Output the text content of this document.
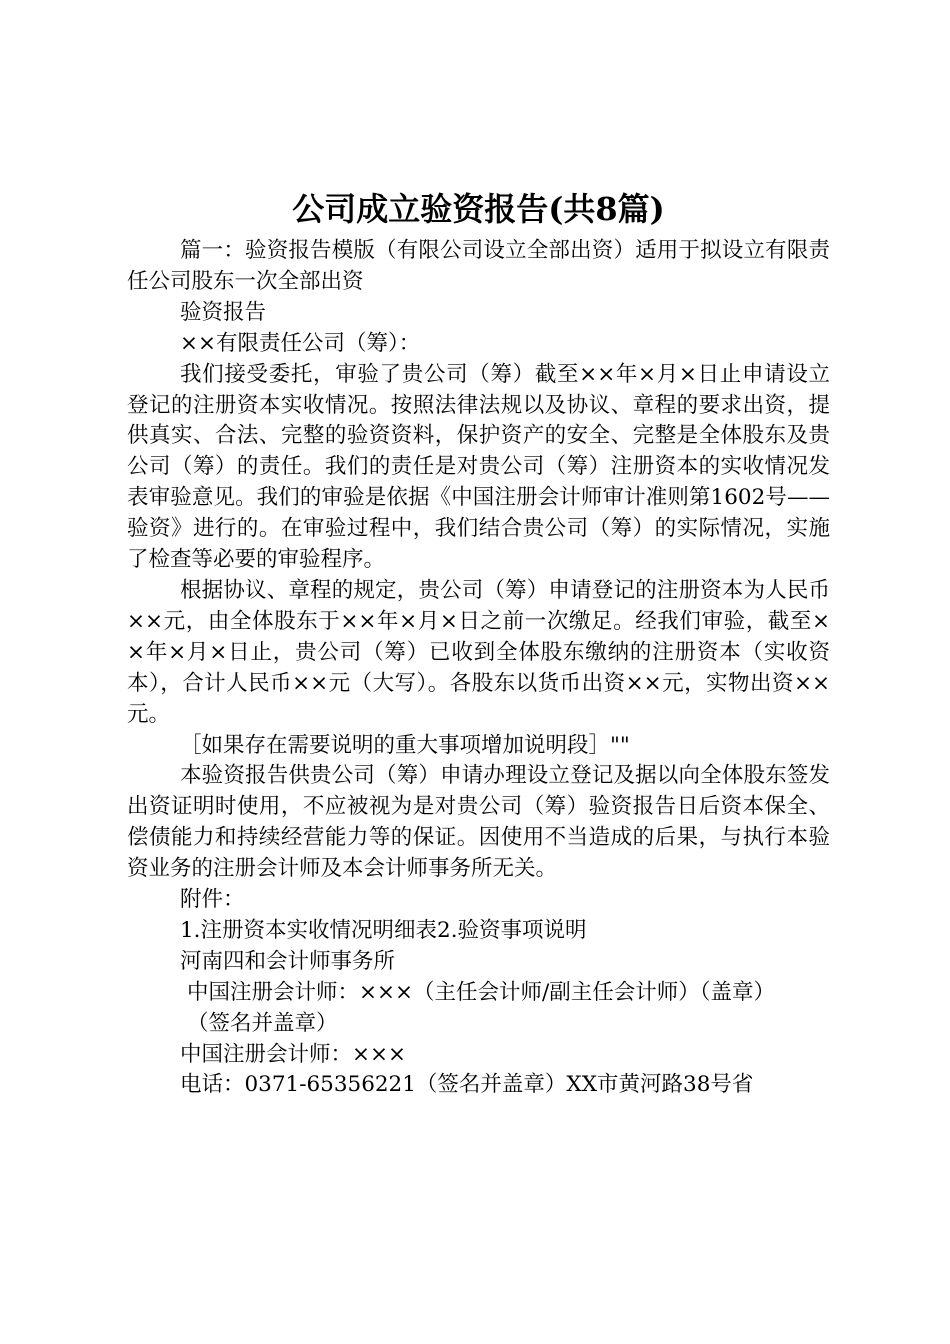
公司成立验资报告(共8篇)

篇一：验资报告模版（有限公司设立全部出资）适用于拟设立有限责任公司股东一次全部出资

验资报告

××有限责任公司（筹）：

我们接受委托，审验了贵公司（筹）截至××年×月×日止申请设立登记的注册资本实收情况。按照法律法规以及协议、章程的要求出资，提供真实、合法、完整的验资资料，保护资产的安全、完整是全体股东及贵公司（筹）的责任。我们的责任是对贵公司（筹）注册资本的实收情况发表审验意见。我们的审验是依据《中国注册会计师审计准则第1602号——验资》进行的。在审验过程中，我们结合贵公司（筹）的实际情况，实施了检查等必要的审验程序。

根据协议、章程的规定，贵公司（筹）申请登记的注册资本为人民币××元，由全体股东于××年×月×日之前一次缴足。经我们审验，截至××年×月×日止，贵公司（筹）已收到全体股东缴纳的注册资本（实收资本），合计人民币××元（大写）。各股东以货币出资××元，实物出资××元。

［如果存在需要说明的重大事项增加说明段］""

本验资报告供贵公司（筹）申请办理设立登记及据以向全体股东签发出资证明时使用，不应被视为是对贵公司（筹）验资报告日后资本保全、偿债能力和持续经营能力等的保证。因使用不当造成的后果，与执行本验资业务的注册会计师及本会计师事务所无关。

附件：

1.注册资本实收情况明细表2.验资事项说明

河南四和会计师事务所

中国注册会计师：×××（主任会计师/副主任会计师）（盖章）

（签名并盖章）

中国注册会计师：×××

电话：0371-65356221（签名并盖章）XX市黄河路38号省
